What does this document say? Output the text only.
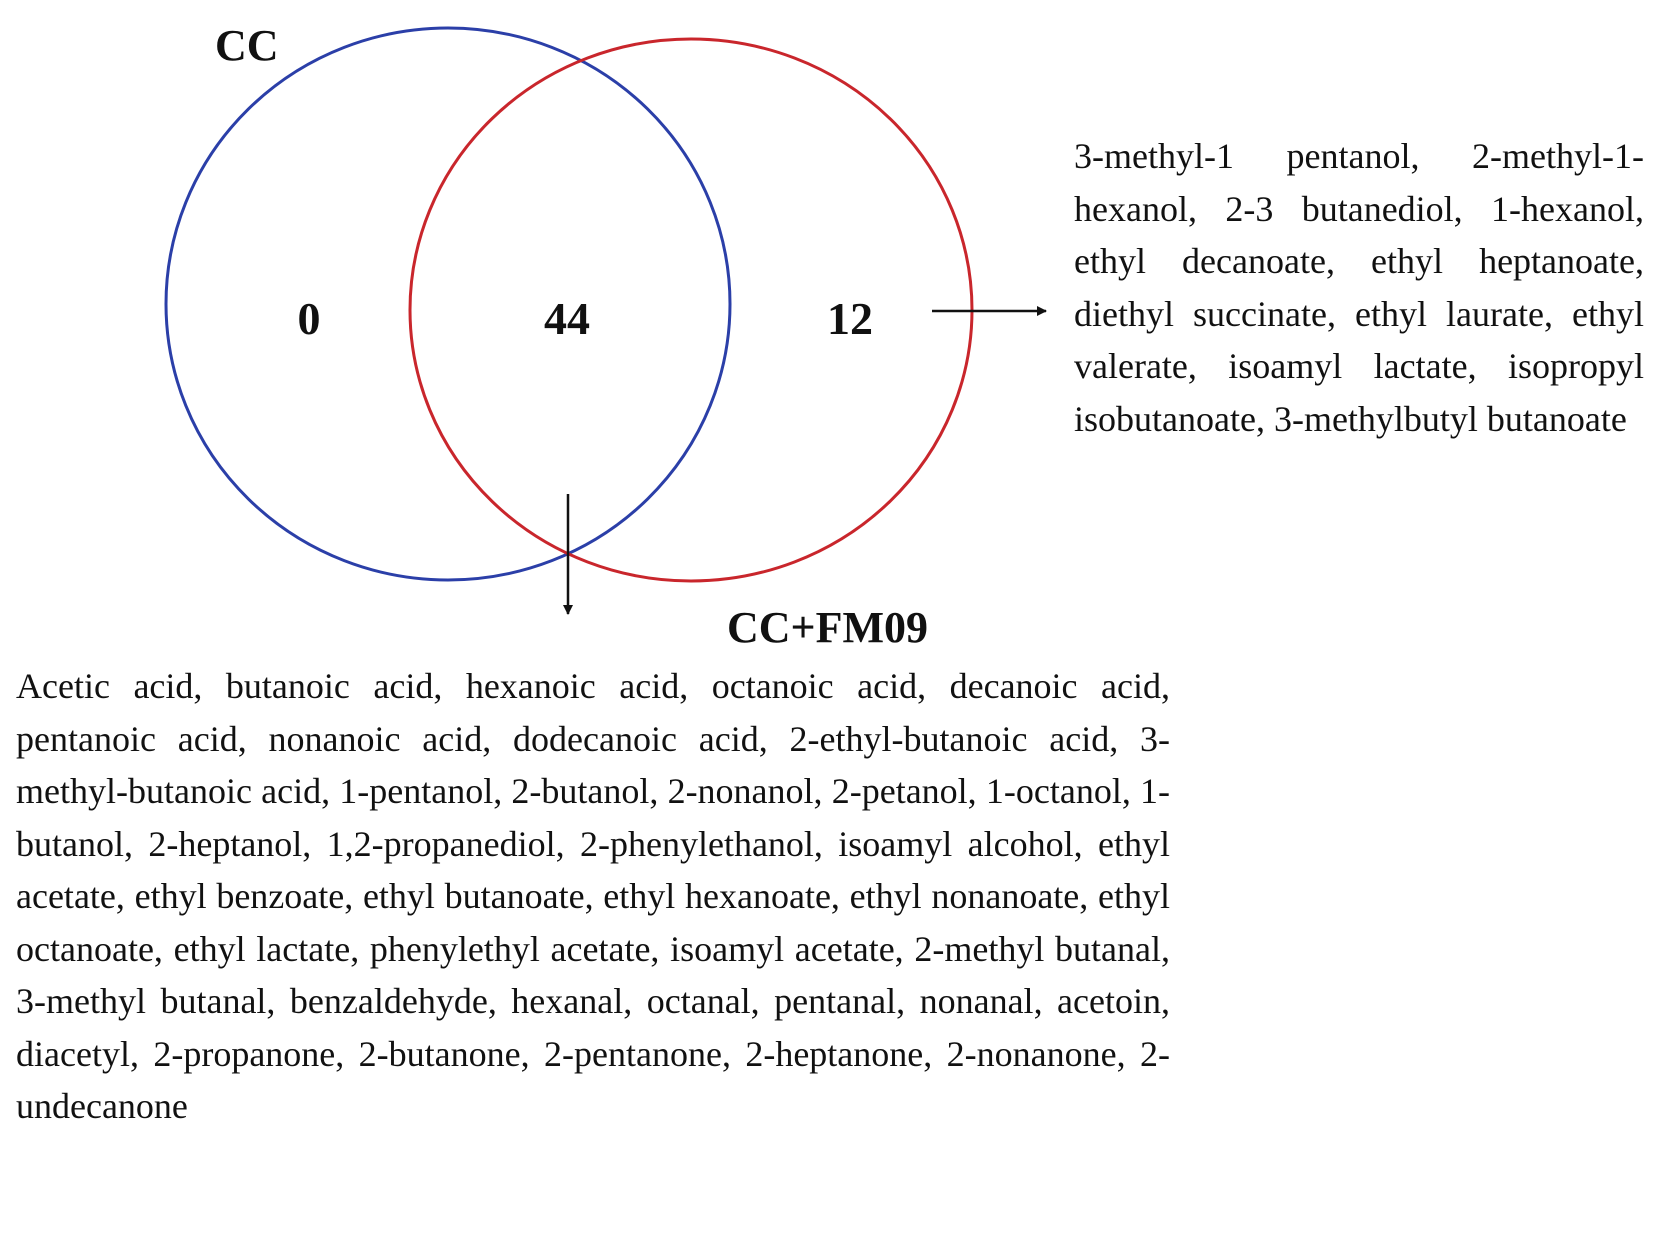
CC
CC+FM09
0	44	12

3-methyl-1 pentanol, 2-methyl-1-hexanol, 2-3 butanediol, 1-hexanol, ethyl decanoate, ethyl heptanoate, diethyl succinate, ethyl laurate, ethyl valerate, isoamyl lactate, isopropyl isobutanoate, 3-methylbutyl butanoate

Acetic acid, butanoic acid, hexanoic acid, octanoic acid, decanoic acid, pentanoic acid, nonanoic acid, dodecanoic acid, 2-ethyl-butanoic acid, 3-methyl-butanoic acid, 1-pentanol, 2-butanol, 2-nonanol, 2-petanol, 1-octanol, 1-butanol, 2-heptanol, 1,2-propanediol, 2-phenylethanol, isoamyl alcohol, ethyl acetate, ethyl benzoate, ethyl butanoate, ethyl hexanoate, ethyl nonanoate, ethyl octanoate, ethyl lactate, phenylethyl acetate, isoamyl acetate, 2-methyl butanal, 3-methyl butanal, benzaldehyde, hexanal, octanal, pentanal, nonanal, acetoin, diacetyl, 2-propanone, 2-butanone, 2-pentanone, 2-heptanone, 2-nonanone, 2-undecanone
